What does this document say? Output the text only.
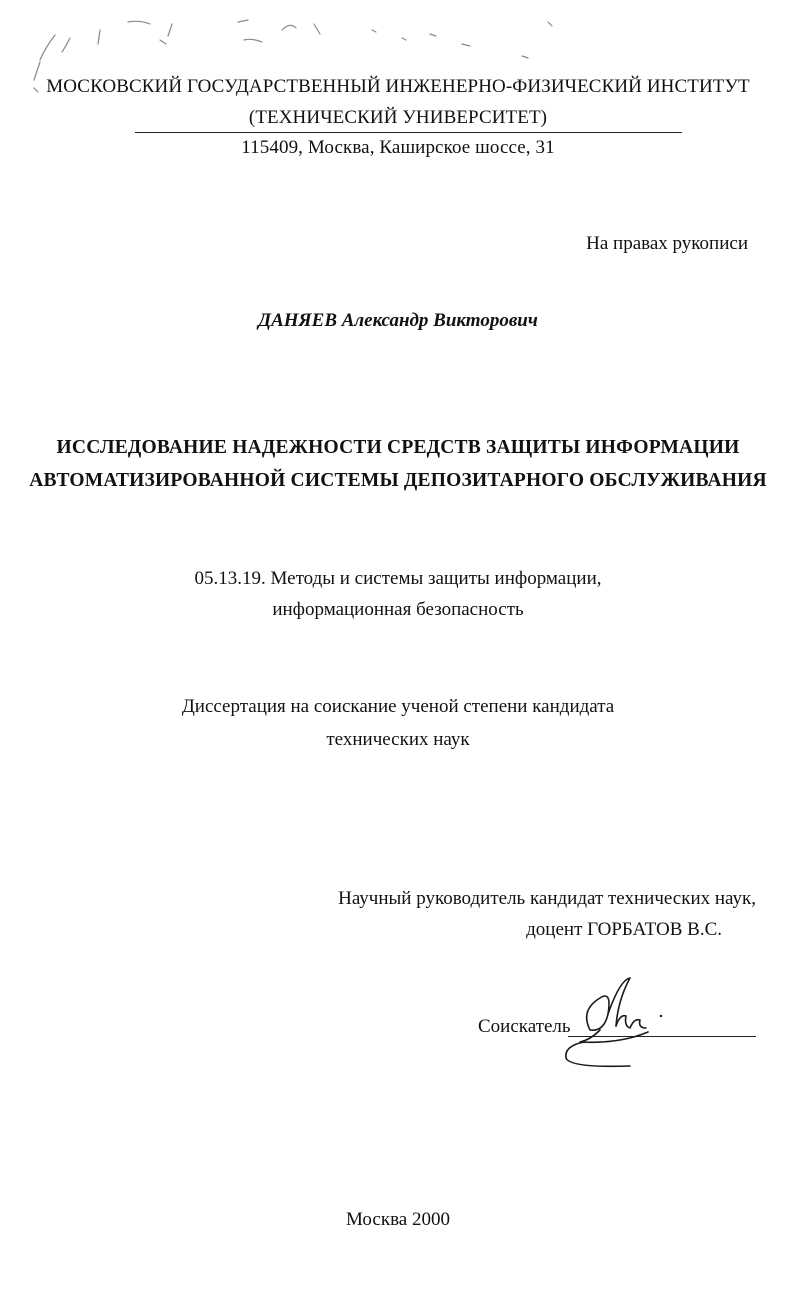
МОСКОВСКИЙ ГОСУДАРСТВЕННЫЙ ИНЖЕНЕРНО-ФИЗИЧЕСКИЙ ИНСТИТУТ
(ТЕХНИЧЕСКИЙ УНИВЕРСИТЕТ)
115409, Москва, Каширское шоссе, 31
На правах рукописи
ДАНЯЕВ Александр Викторович
ИССЛЕДОВАНИЕ НАДЕЖНОСТИ СРЕДСТВ ЗАЩИТЫ ИНФОРМАЦИИ
АВТОМАТИЗИРОВАННОЙ СИСТЕМЫ ДЕПОЗИТАРНОГО ОБСЛУЖИВАНИЯ
05.13.19. Методы и системы защиты информации,
информационная безопасность
Диссертация на соискание ученой степени кандидата
технических наук
Научный руководитель кандидат технических наук,
доцент ГОРБАТОВ В.С.
Соискатель
Москва 2000
